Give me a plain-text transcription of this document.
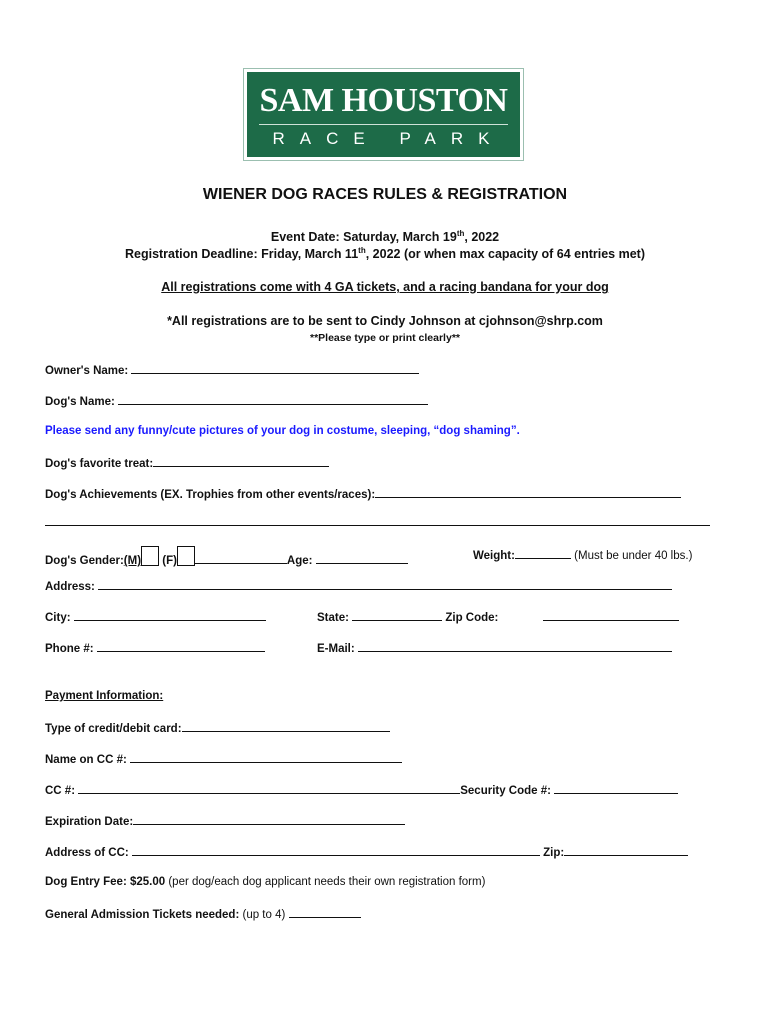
SAM HOUSTON
RACE PARK
WIENER DOG RACES RULES & REGISTRATION
Event Date: Saturday, March 19th, 2022
Registration Deadline: Friday, March 11th, 2022 (or when max capacity of 64 entries met)
All registrations come with 4 GA tickets, and a racing bandana for your dog
*All registrations are to be sent to Cindy Johnson at cjohnson@shrp.com
**Please type or print clearly**
Owner's Name:
Dog's Name:
Please send any funny/cute pictures of your dog in costume, sleeping, “dog shaming”.
Dog's favorite treat:
Dog's Achievements (EX. Trophies from other events/races):
Dog's Gender:(M) (F)	Age:	Weight:	(Must be under 40 lbs.)
Address:
City:	State:	Zip Code:
Phone #:	E-Mail:
Payment Information:
Type of credit/debit card:
Name on CC #:
CC #:	Security Code #:
Expiration Date:
Address of CC:	Zip:
Dog Entry Fee: $25.00 (per dog/each dog applicant needs their own registration form)
General Admission Tickets needed: (up to 4)
